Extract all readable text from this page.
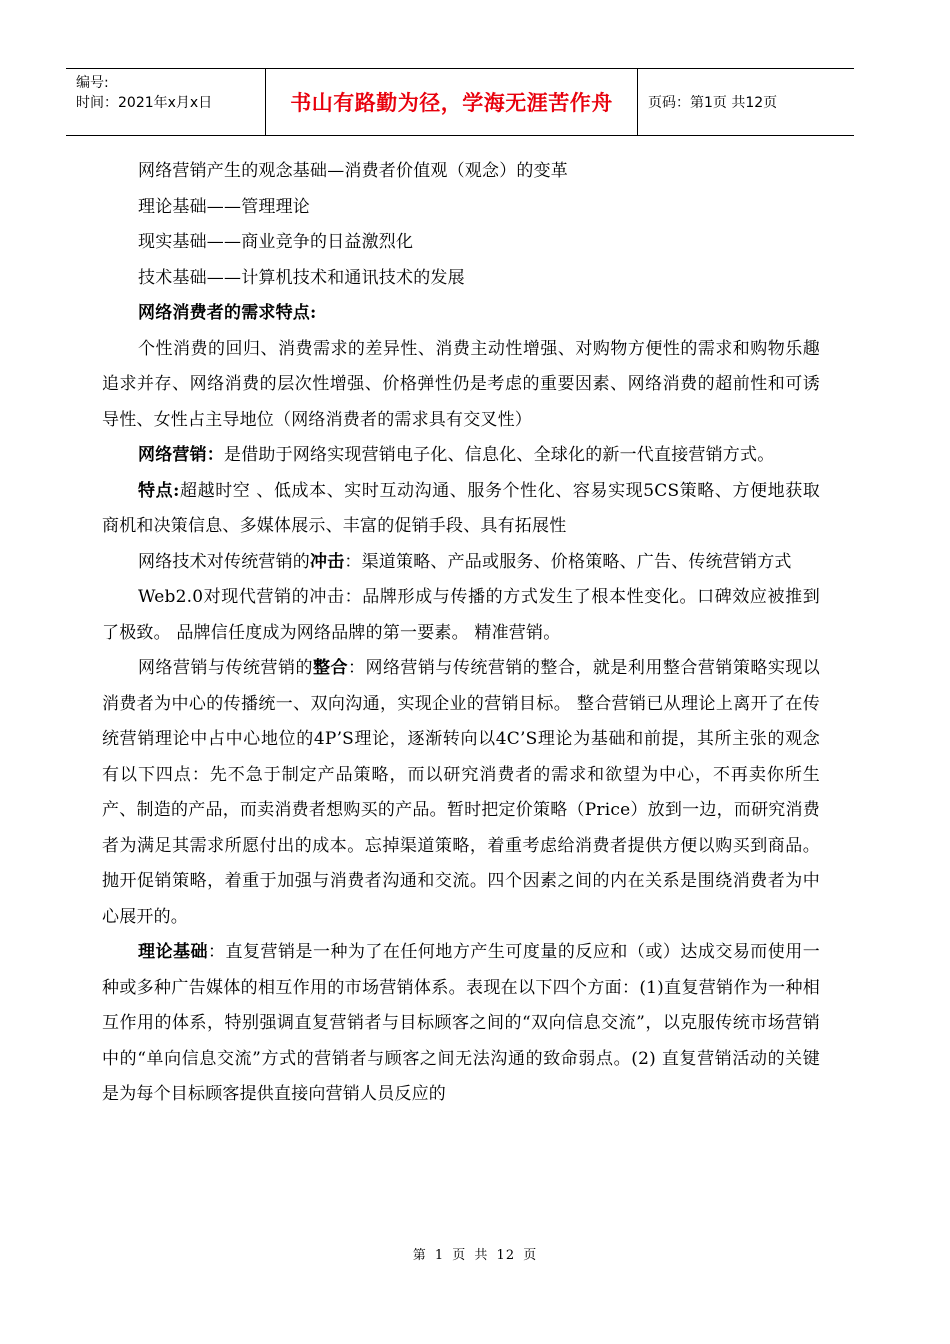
编号:
时间：2021年x月x日	书山有路勤为径，学海无涯苦作舟	页码：第1页 共12页

网络营销产生的观念基础—消费者价值观（观念）的变革

理论基础——管理理论

现实基础——商业竞争的日益激烈化

技术基础——计算机技术和通讯技术的发展

网络消费者的需求特点:

个性消费的回归、消费需求的差异性、消费主动性增强、对购物方便性的需求和购物乐趣追求并存、网络消费的层次性增强、价格弹性仍是考虑的重要因素、网络消费的超前性和可诱导性、女性占主导地位（网络消费者的需求具有交叉性）

网络营销：是借助于网络实现营销电子化、信息化、全球化的新一代直接营销方式。

特点:超越时空 、低成本、实时互动沟通、服务个性化、容易实现5CS策略、方便地获取商机和决策信息、多媒体展示、丰富的促销手段、具有拓展性

网络技术对传统营销的冲击：渠道策略、产品或服务、价格策略、广告、传统营销方式

Web2.0对现代营销的冲击：品牌形成与传播的方式发生了根本性变化。口碑效应被推到了极致。 品牌信任度成为网络品牌的第一要素。 精准营销。

网络营销与传统营销的整合：网络营销与传统营销的整合，就是利用整合营销策略实现以 消费者为中心的传播统一、双向沟通，实现企业的营销目标。 整合营销已从理论上离开了在传统营销理论中占中心地位的4P’S理论，逐渐转向以4C’S理论为基础和前提，其所主张的观念有以下四点：先不急于制定产品策略，而以研究消费者的需求和欲望为中心，不再卖你所生产、制造的产品，而卖消费者想购买的产品。暂时把定价策略（Price）放到一边，而研究消费者为满足其需求所愿付出的成本。忘掉渠道策略，着重考虑给消费者提供方便以购买到商品。抛开促销策略，着重于加强与消费者沟通和交流。四个因素之间的内在关系是围绕消费者为中心展开的。

理论基础：直复营销是一种为了在任何地方产生可度量的反应和（或）达成交易而使用一种或多种广告媒体的相互作用的市场营销体系。表现在以下四个方面：(1)直复营销作为一种相互作用的体系，特别强调直复营销者与目标顾客之间的“双向信息交流”，以克服传统市场营销中的“单向信息交流”方式的营销者与顾客之间无法沟通的致命弱点。(2) 直复营销活动的关键是为每个目标顾客提供直接向营销人员反应的

第 1 页 共 12 页
